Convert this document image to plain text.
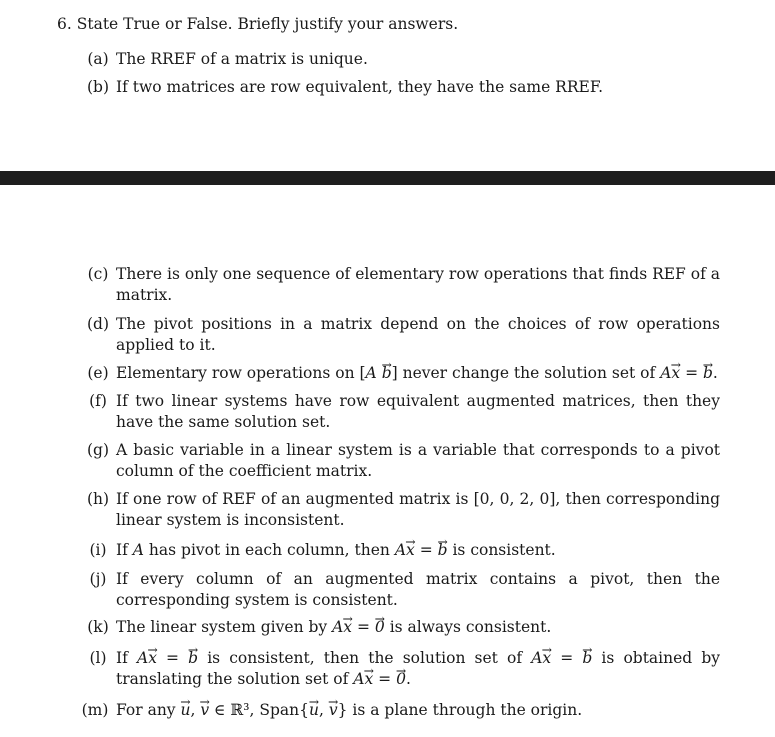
6. State True or False. Briefly justify your answers.
(a) The RREF of a matrix is unique.
(b) If two matrices are row equivalent, they have the same RREF.
(c) There is only one sequence of elementary row operations that finds REF of a matrix.
(d) The pivot positions in a matrix depend on the choices of row operations applied to it.
(e) Elementary row operations on [A → b] never change the solution set of A→ x = → b.
(f) If two linear systems have row equivalent augmented matrices, then they have the same solution set.
(g) A basic variable in a linear system is a variable that corresponds to a pivot column of the coefficient matrix.
(h) If one row of REF of an augmented matrix is [0, 0, 2, 0], then corresponding linear system is inconsistent.
(i) If A has pivot in each column, then A→ x = → b is consistent.
(j) If every column of an augmented matrix contains a pivot, then the corresponding system is consistent.
(k) The linear system given by A→ x = → 0 is always consistent.
(l) If A→ x = → b is consistent, then the solution set of A→ x = → b is obtained by translating the solution set of A→ x = → 0.
(m) For any → u, → v ∈ ℝ³, Span{→ u, → v} is a plane through the origin.
